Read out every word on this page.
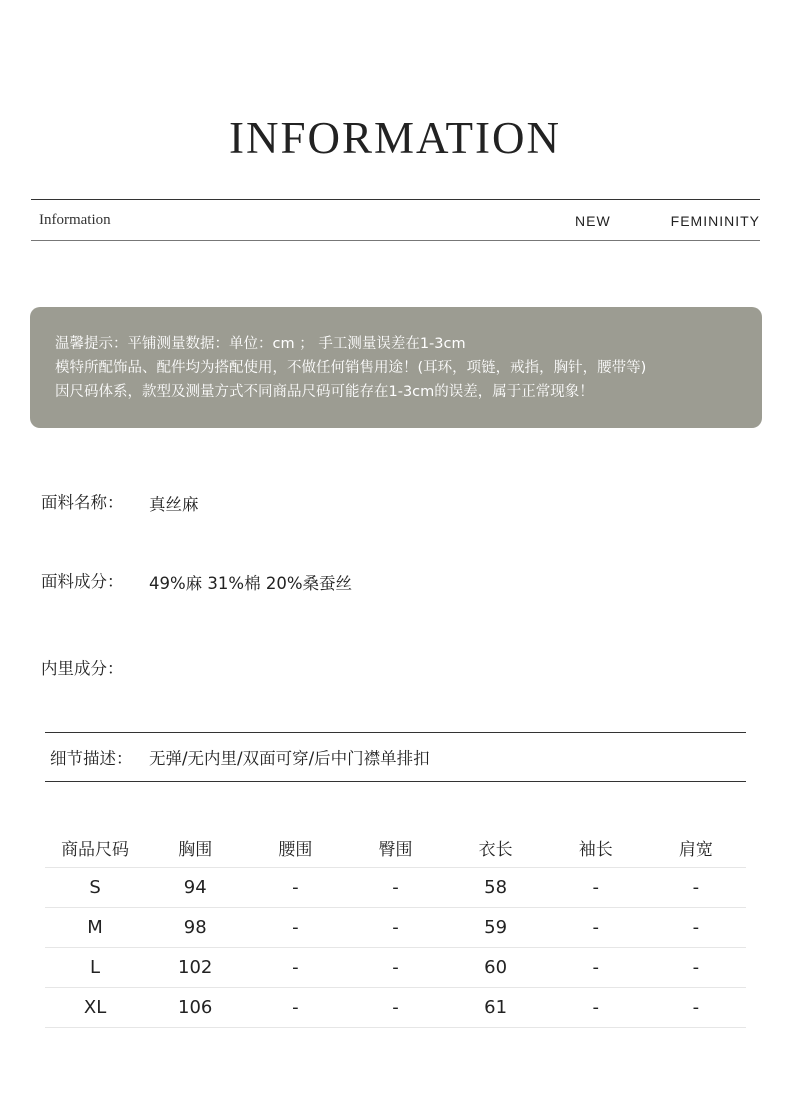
INFORMATION
Information	NEW	FEMININITY
温馨提示：平铺测量数据：单位：cm ； 手工测量误差在1-3cm
模特所配饰品、配件均为搭配使用，不做任何销售用途！(耳环，项链，戒指，胸针，腰带等)
因尺码体系，款型及测量方式不同商品尺码可能存在1-3cm的误差，属于正常现象！
面料名称： 真丝麻
面料成分： 49%麻 31%棉 20%桑蚕丝
内里成分：
细节描述： 无弹/无内里/双面可穿/后中门襟单排扣
商品尺码	胸围	腰围	臀围	衣长	袖长	肩宽
S	94	-	-	58	-	-
M	98	-	-	59	-	-
L	102	-	-	60	-	-
XL	106	-	-	61	-	-
